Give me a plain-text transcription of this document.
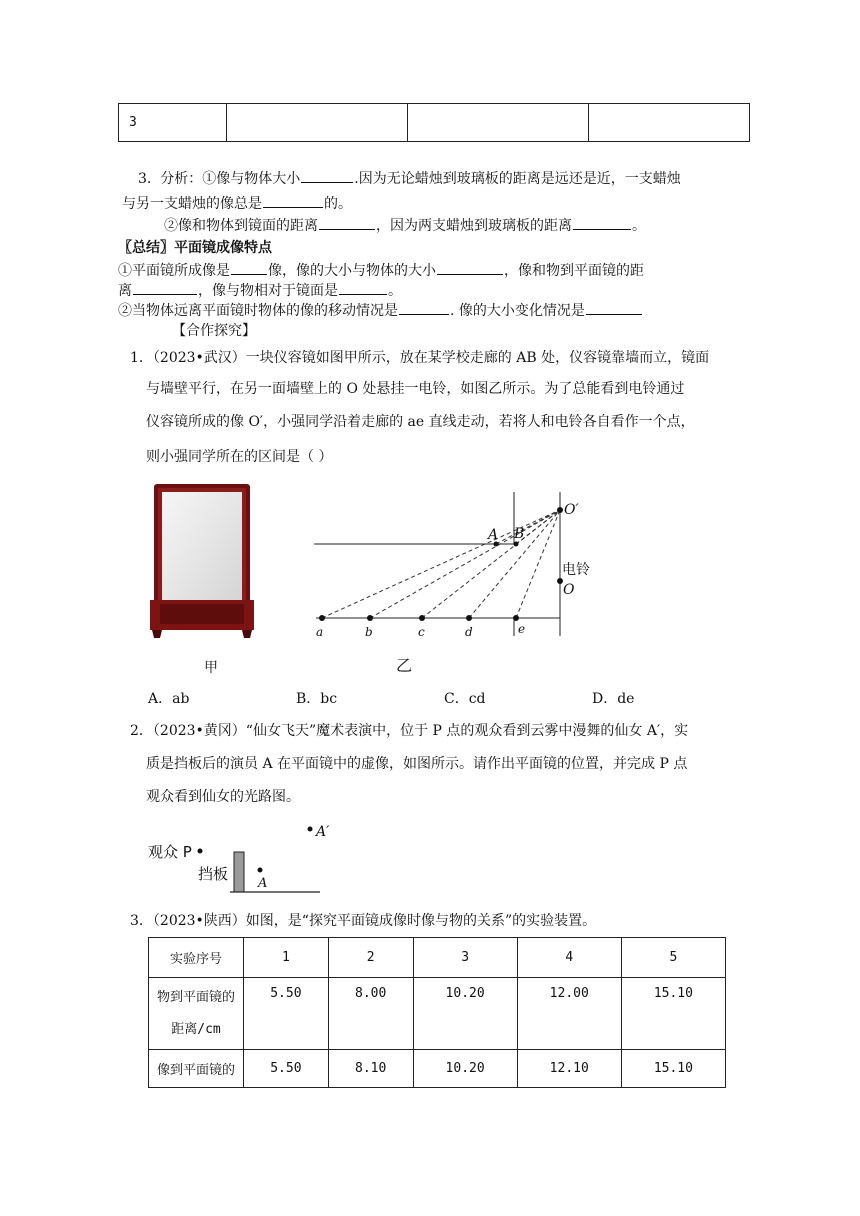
3			
3. 分析：①像与物体大小	.因为无论蜡烛到玻璃板的距离是远还是近，一支蜡烛
与另一支蜡烛的像总是	的。
②像和物体到镜面的距离	，因为两支蜡烛到玻璃板的距离	。
〖总结〗平面镜成像特点
①平面镜所成像是	像，像的大小与物体的大小	，像和物到平面镜的距
离	，像与物相对于镜面是	。
②当物体远离平面镜时物体的像的移动情况是	. 像的大小变化情况是
【合作探究】
1．（2023•武汉）一块仪容镜如图甲所示，放在某学校走廊的 AB 处，仪容镜靠墙而立，镜面
与墙壁平行，在另一面墙壁上的 O 处悬挂一电铃，如图乙所示。为了总能看到电铃通过
仪容镜所成的像 O′，小强同学沿着走廊的 ae 直线走动，若将人和电铃各自看作一个点，
则小强同学所在的区间是（ ）
甲
O′
电铃
O
A B
a	b	c	d	e
乙
A．ab	B．bc	C．cd	D．de
2．（2023•黄冈）“仙女飞天”魔术表演中，位于 P 点的观众看到云雾中漫舞的仙女 A′，实
质是挡板后的演员 A 在平面镜中的虚像，如图所示。请作出平面镜的位置，并完成 P 点
观众看到仙女的光路图。
观众 P
挡板
A′
A
3．（2023•陕西）如图，是“探究平面镜成像时像与物的关系”的实验装置。
实验序号	1	2	3	4	5

物到平面镜的
距离/cm	5.50	8.00	10.20	12.00	15.10
像到平面镜的	5.50	8.10	10.20	12.10	15.10
